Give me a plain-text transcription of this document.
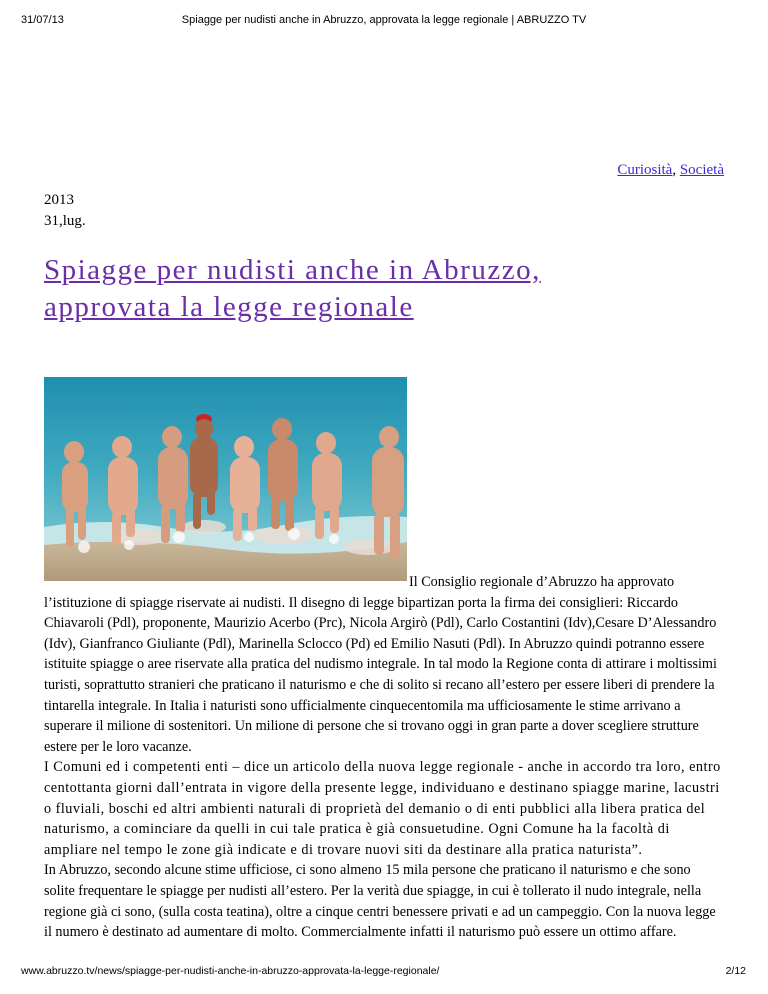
31/07/13	Spiagge per nudisti anche in Abruzzo, approvata la legge regionale | ABRUZZO TV
Curiosità, Società
2013
31,lug.
Spiagge per nudisti anche in Abruzzo, approvata la legge regionale

Il Consiglio regionale d’Abruzzo ha approvato l’istituzione di spiagge riservate ai nudisti. Il disegno di legge bipartizan porta la firma dei consiglieri: Riccardo Chiavaroli (Pdl), proponente, Maurizio Acerbo (Prc), Nicola Argirò (Pdl), Carlo Costantini (Idv),Cesare D’Alessandro (Idv), Gianfranco Giuliante (Pdl), Marinella Sclocco (Pd) ed Emilio Nasuti (Pdl). In Abruzzo quindi potranno essere istituite spiagge o aree riservate alla pratica del nudismo integrale. In tal modo la Regione conta di attirare i moltissimi turisti, soprattutto stranieri che praticano il naturismo e che di solito si recano all’estero per essere liberi di prendere la tintarella integrale. In Italia i naturisti sono ufficialmente cinquecentomila ma ufficiosamente le stime arrivano a superare il milione di sostenitori. Un milione di persone che si trovano oggi in gran parte a dover scegliere strutture estere per le loro vacanze.

I Comuni ed i competenti enti – dice un articolo della nuova legge regionale - anche in accordo tra loro, entro centottanta giorni dall’entrata in vigore della presente legge, individuano e destinano spiagge marine, lacustri o fluviali, boschi ed altri ambienti naturali di proprietà del demanio o di enti pubblici alla libera pratica del naturismo, a cominciare da quelli in cui tale pratica è già consuetudine. Ogni Comune ha la facoltà di ampliare nel tempo le zone già indicate e di trovare nuovi siti da destinare alla pratica naturista”.

In Abruzzo, secondo alcune stime ufficiose, ci sono almeno 15 mila persone che praticano il naturismo e che sono solite frequentare le spiagge per nudisti all’estero. Per la verità due spiagge, in cui è tollerato il nudo integrale, nella regione già ci sono, (sulla costa teatina), oltre a cinque centri benessere privati e ad un campeggio. Con la nuova legge il numero è destinato ad aumentare di molto. Commercialmente infatti il naturismo può essere un ottimo affare.

www.abruzzo.tv/news/spiagge-per-nudisti-anche-in-abruzzo-approvata-la-legge-regionale/	2/12
